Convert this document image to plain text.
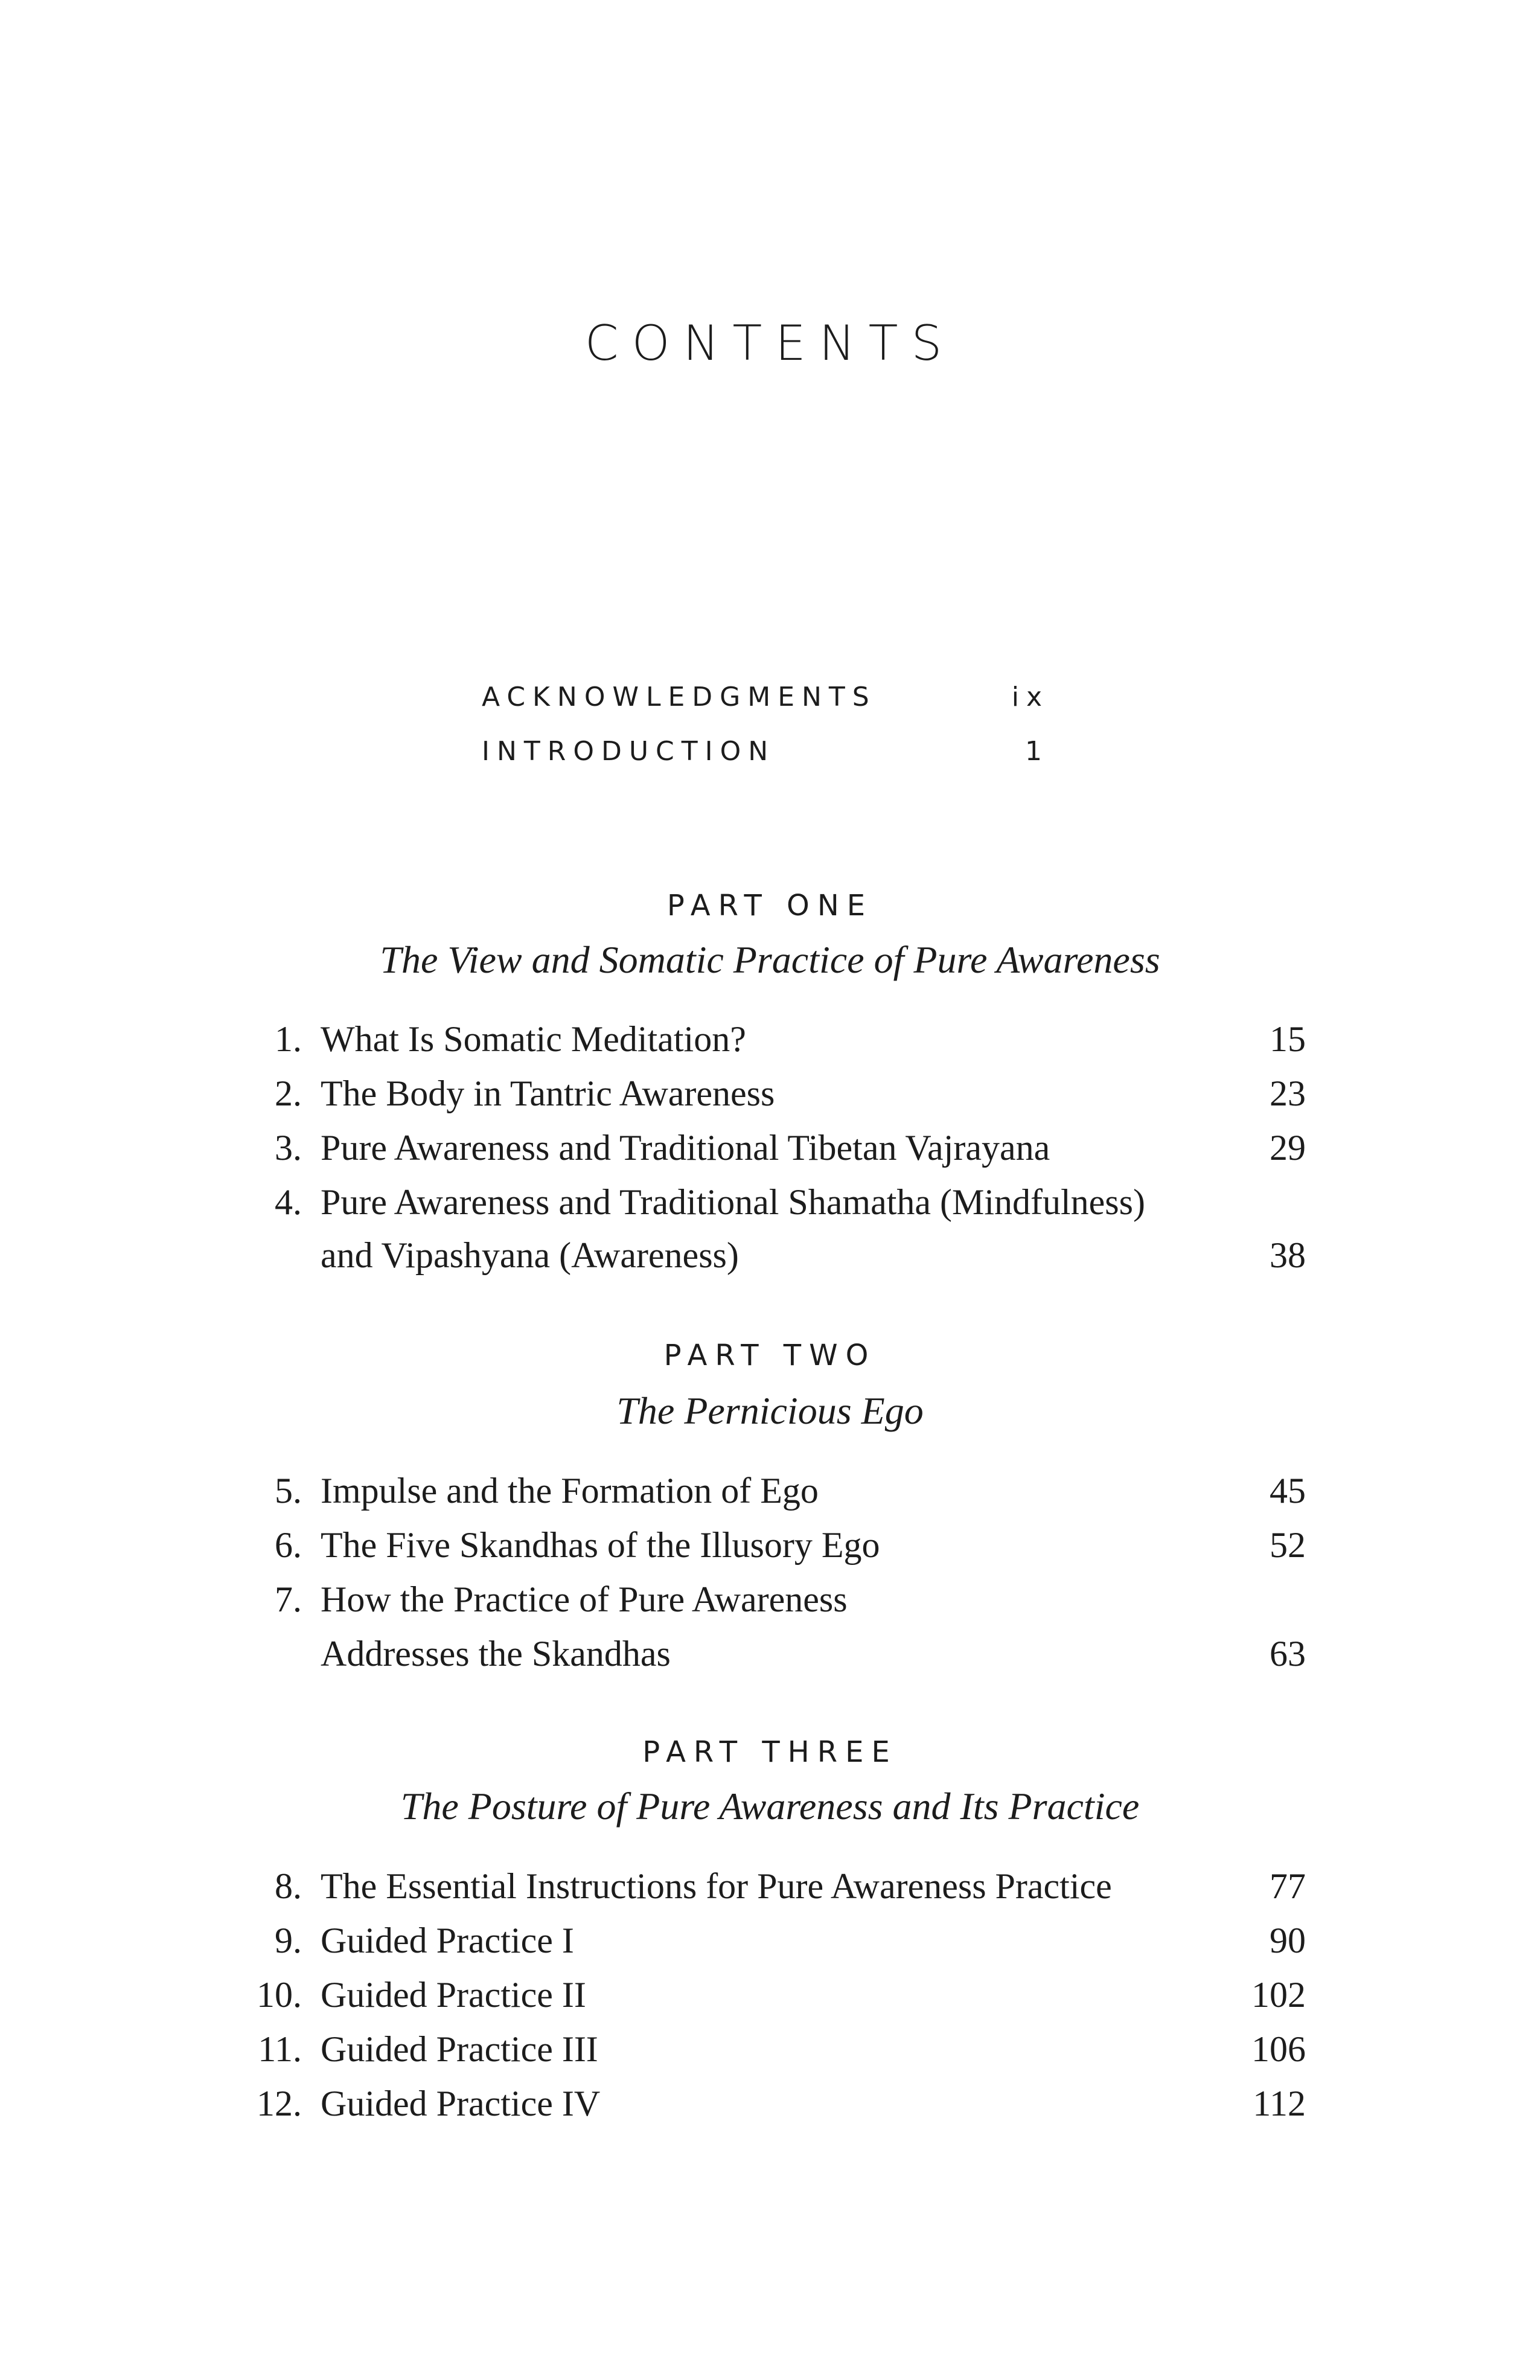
CONTENTS
ACKNOWLEDGMENTS	ix
INTRODUCTION	1
PART ONE
The View and Somatic Practice of Pure Awareness
1. What Is Somatic Meditation?	15
2. The Body in Tantric Awareness	23
3. Pure Awareness and Traditional Tibetan Vajrayana	29
4. Pure Awareness and Traditional Shamatha (Mindfulness)
and Vipashyana (Awareness)	38
PART TWO
The Pernicious Ego
5. Impulse and the Formation of Ego	45
6. The Five Skandhas of the Illusory Ego	52
7. How the Practice of Pure Awareness
Addresses the Skandhas	63
PART THREE
The Posture of Pure Awareness and Its Practice
8. The Essential Instructions for Pure Awareness Practice	77
9. Guided Practice I	90
10. Guided Practice II	102
11. Guided Practice III	106
12. Guided Practice IV	112
